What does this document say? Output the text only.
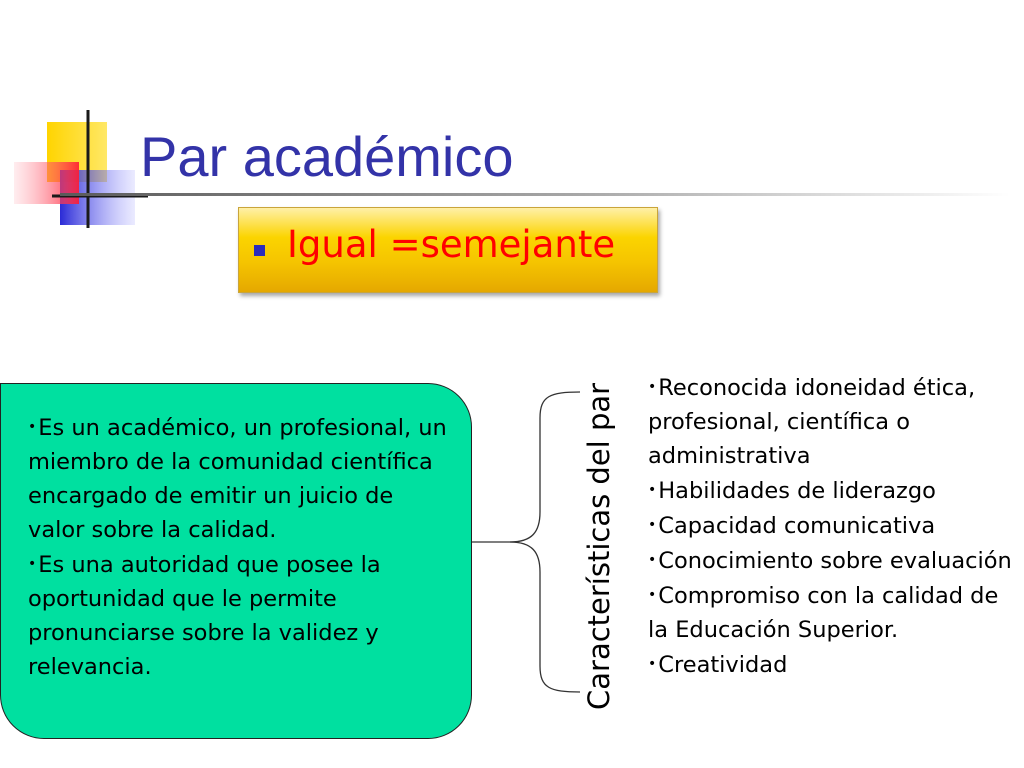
Par académico
Igual =semejante
•Es un académico, un profesional, un miembro de la comunidad científica encargado de emitir un juicio de valor sobre la calidad.
•Es una autoridad que posee la oportunidad que le permite pronunciarse sobre la validez y relevancia.	Características del par •Reconocida idoneidad ética, profesional, científica o administrativa
•Habilidades de liderazgo
•Capacidad comunicativa
•Conocimiento sobre evaluación
•Compromiso con la calidad de la Educación Superior.
•Creatividad
